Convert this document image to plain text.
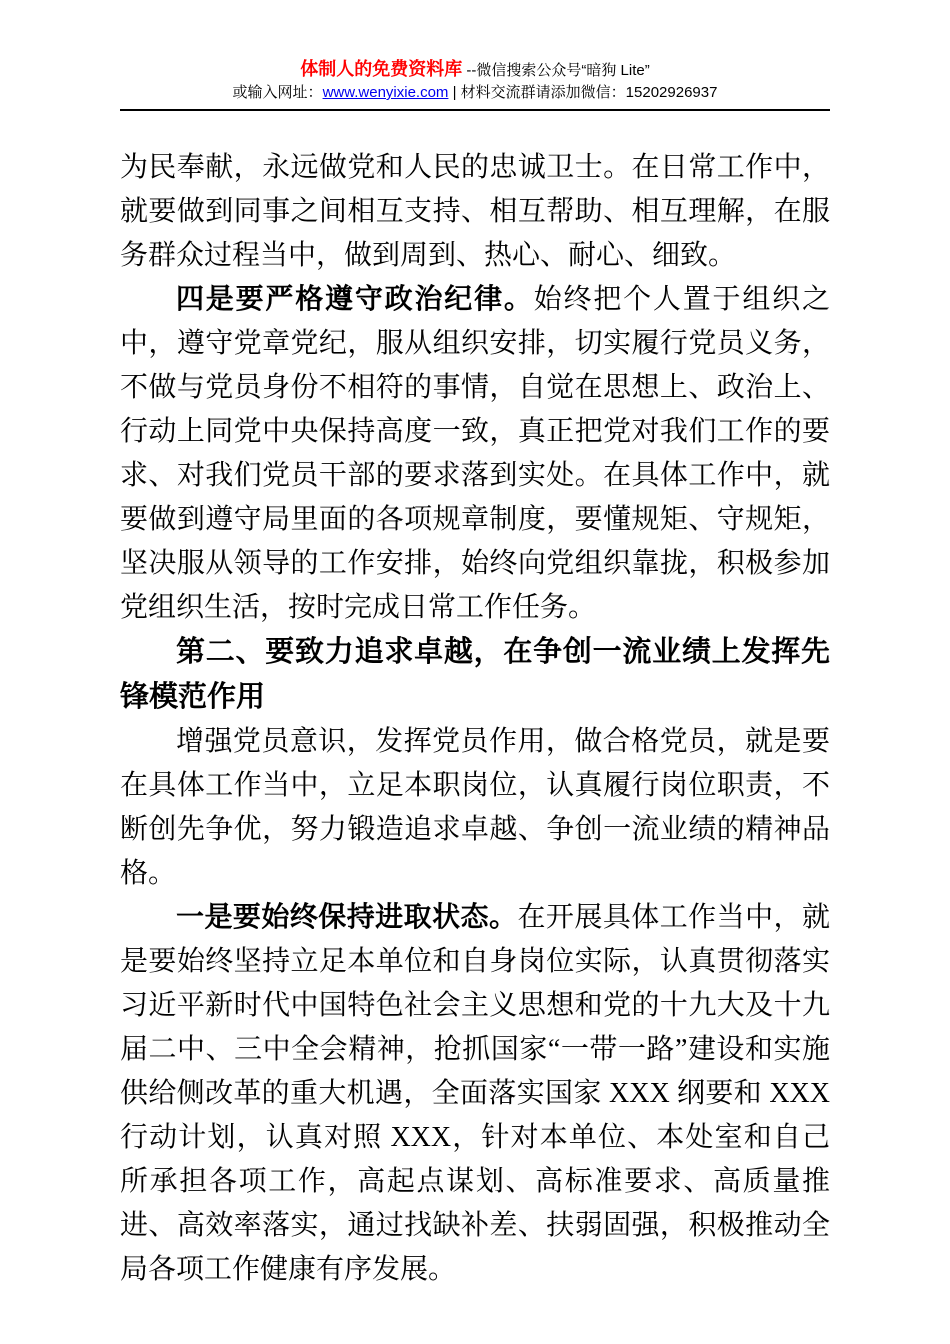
体制人的免费资料库 --微信搜索公众号“暗狗 Lite”
或输入网址：www.wenyixie.com | 材料交流群请添加微信：15202926937

为民奉献，永远做党和人民的忠诚卫士。在日常工作中，就要做到同事之间相互支持、相互帮助、相互理解，在服务群众过程当中，做到周到、热心、耐心、细致。

四是要严格遵守政治纪律。始终把个人置于组织之中，遵守党章党纪，服从组织安排，切实履行党员义务，不做与党员身份不相符的事情，自觉在思想上、政治上、行动上同党中央保持高度一致，真正把党对我们工作的要求、对我们党员干部的要求落到实处。在具体工作中，就要做到遵守局里面的各项规章制度，要懂规矩、守规矩，坚决服从领导的工作安排，始终向党组织靠拢，积极参加党组织生活，按时完成日常工作任务。

第二、要致力追求卓越，在争创一流业绩上发挥先锋模范作用

增强党员意识，发挥党员作用，做合格党员，就是要在具体工作当中，立足本职岗位，认真履行岗位职责，不断创先争优，努力锻造追求卓越、争创一流业绩的精神品格。

一是要始终保持进取状态。在开展具体工作当中，就是要始终坚持立足本单位和自身岗位实际，认真贯彻落实习近平新时代中国特色社会主义思想和党的十九大及十九届二中、三中全会精神，抢抓国家“一带一路”建设和实施供给侧改革的重大机遇，全面落实国家 XXX 纲要和 XXX 行动计划，认真对照 XXX，针对本单位、本处室和自己所承担各项工作，高起点谋划、高标准要求、高质量推进、高效率落实，通过找缺补差、扶弱固强，积极推动全局各项工作健康有序发展。
